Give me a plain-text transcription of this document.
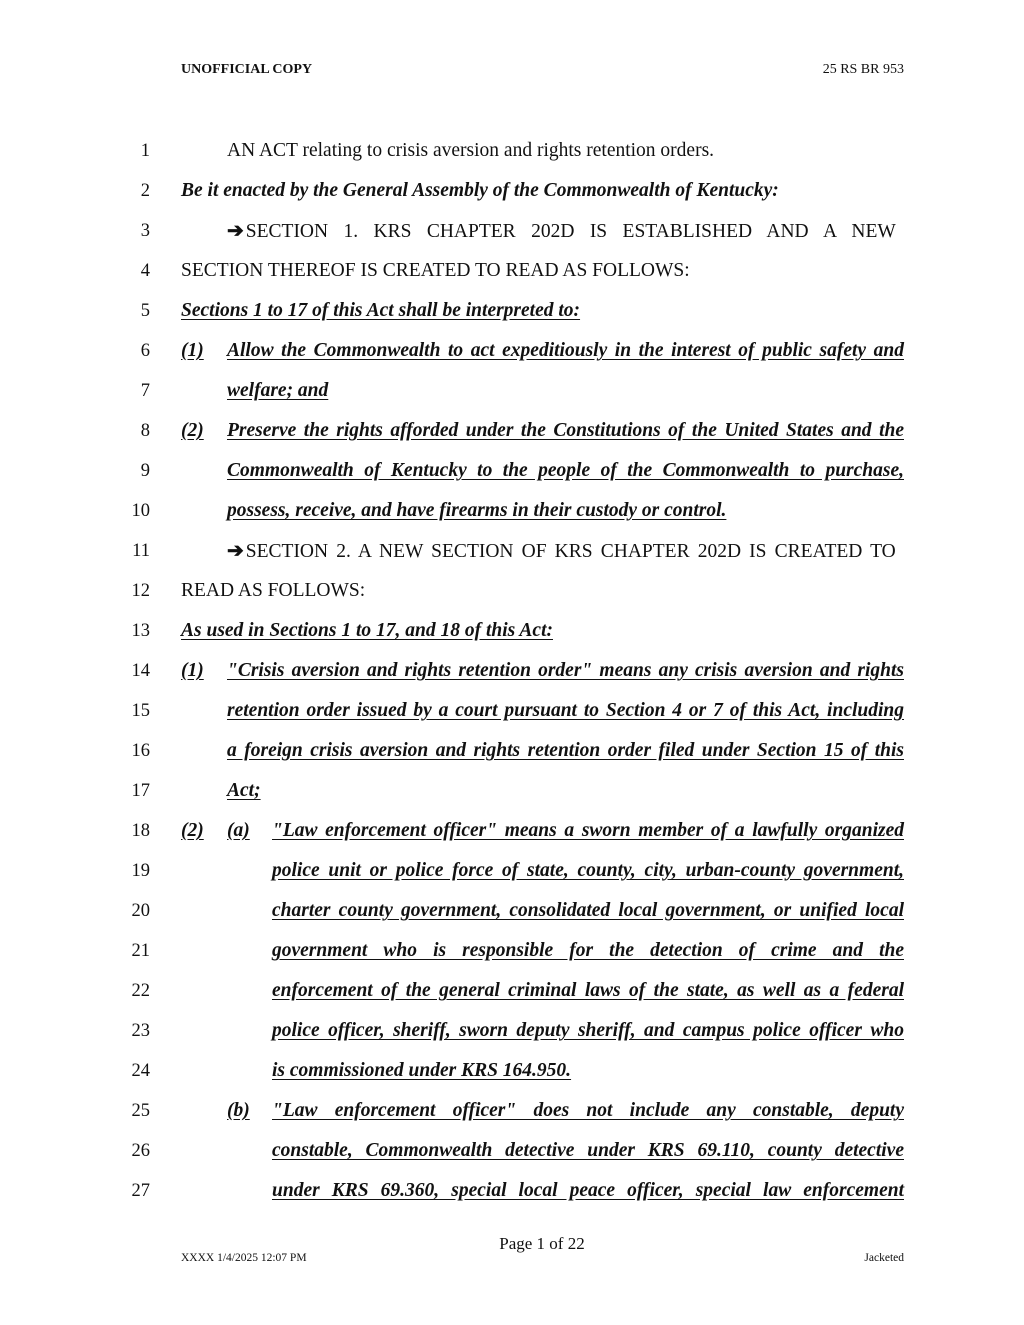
UNOFFICIAL COPY	25 RS BR 953
1	AN ACT relating to crisis aversion and rights retention orders.
2 Be it enacted by the General Assembly of the Commonwealth of Kentucky:
3	➔ SECTION 1. KRS CHAPTER 202D IS ESTABLISHED AND A NEW
4 SECTION THEREOF IS CREATED TO READ AS FOLLOWS:
5 Sections 1 to 17 of this Act shall be interpreted to:
6 (1) Allow the Commonwealth to act expeditiously in the interest of public safety and
7	welfare; and
8 (2) Preserve the rights afforded under the Constitutions of the United States and the
9	Commonwealth of Kentucky to the people of the Commonwealth to purchase,
10	possess, receive, and have firearms in their custody or control.
11	➔ SECTION 2. A NEW SECTION OF KRS CHAPTER 202D IS CREATED TO
12 READ AS FOLLOWS:
13 As used in Sections 1 to 17, and 18 of this Act:
14 (1) "Crisis aversion and rights retention order" means any crisis aversion and rights
15	retention order issued by a court pursuant to Section 4 or 7 of this Act, including
16	a foreign crisis aversion and rights retention order filed under Section 15 of this
17	Act;
18 (2) (a) "Law enforcement officer" means a sworn member of a lawfully organized
19	police unit or police force of state, county, city, urban-county government,
20	charter county government, consolidated local government, or unified local
21	government who is responsible for the detection of crime and the
22	enforcement of the general criminal laws of the state, as well as a federal
23	police officer, sheriff, sworn deputy sheriff, and campus police officer who
24	is commissioned under KRS 164.950.
25	(b) "Law enforcement officer" does not include any constable, deputy
26	constable, Commonwealth detective under KRS 69.110, county detective
27	under KRS 69.360, special local peace officer, special law enforcement
Page 1 of 22
XXXX 1/4/2025 12:07 PM	Jacketed
